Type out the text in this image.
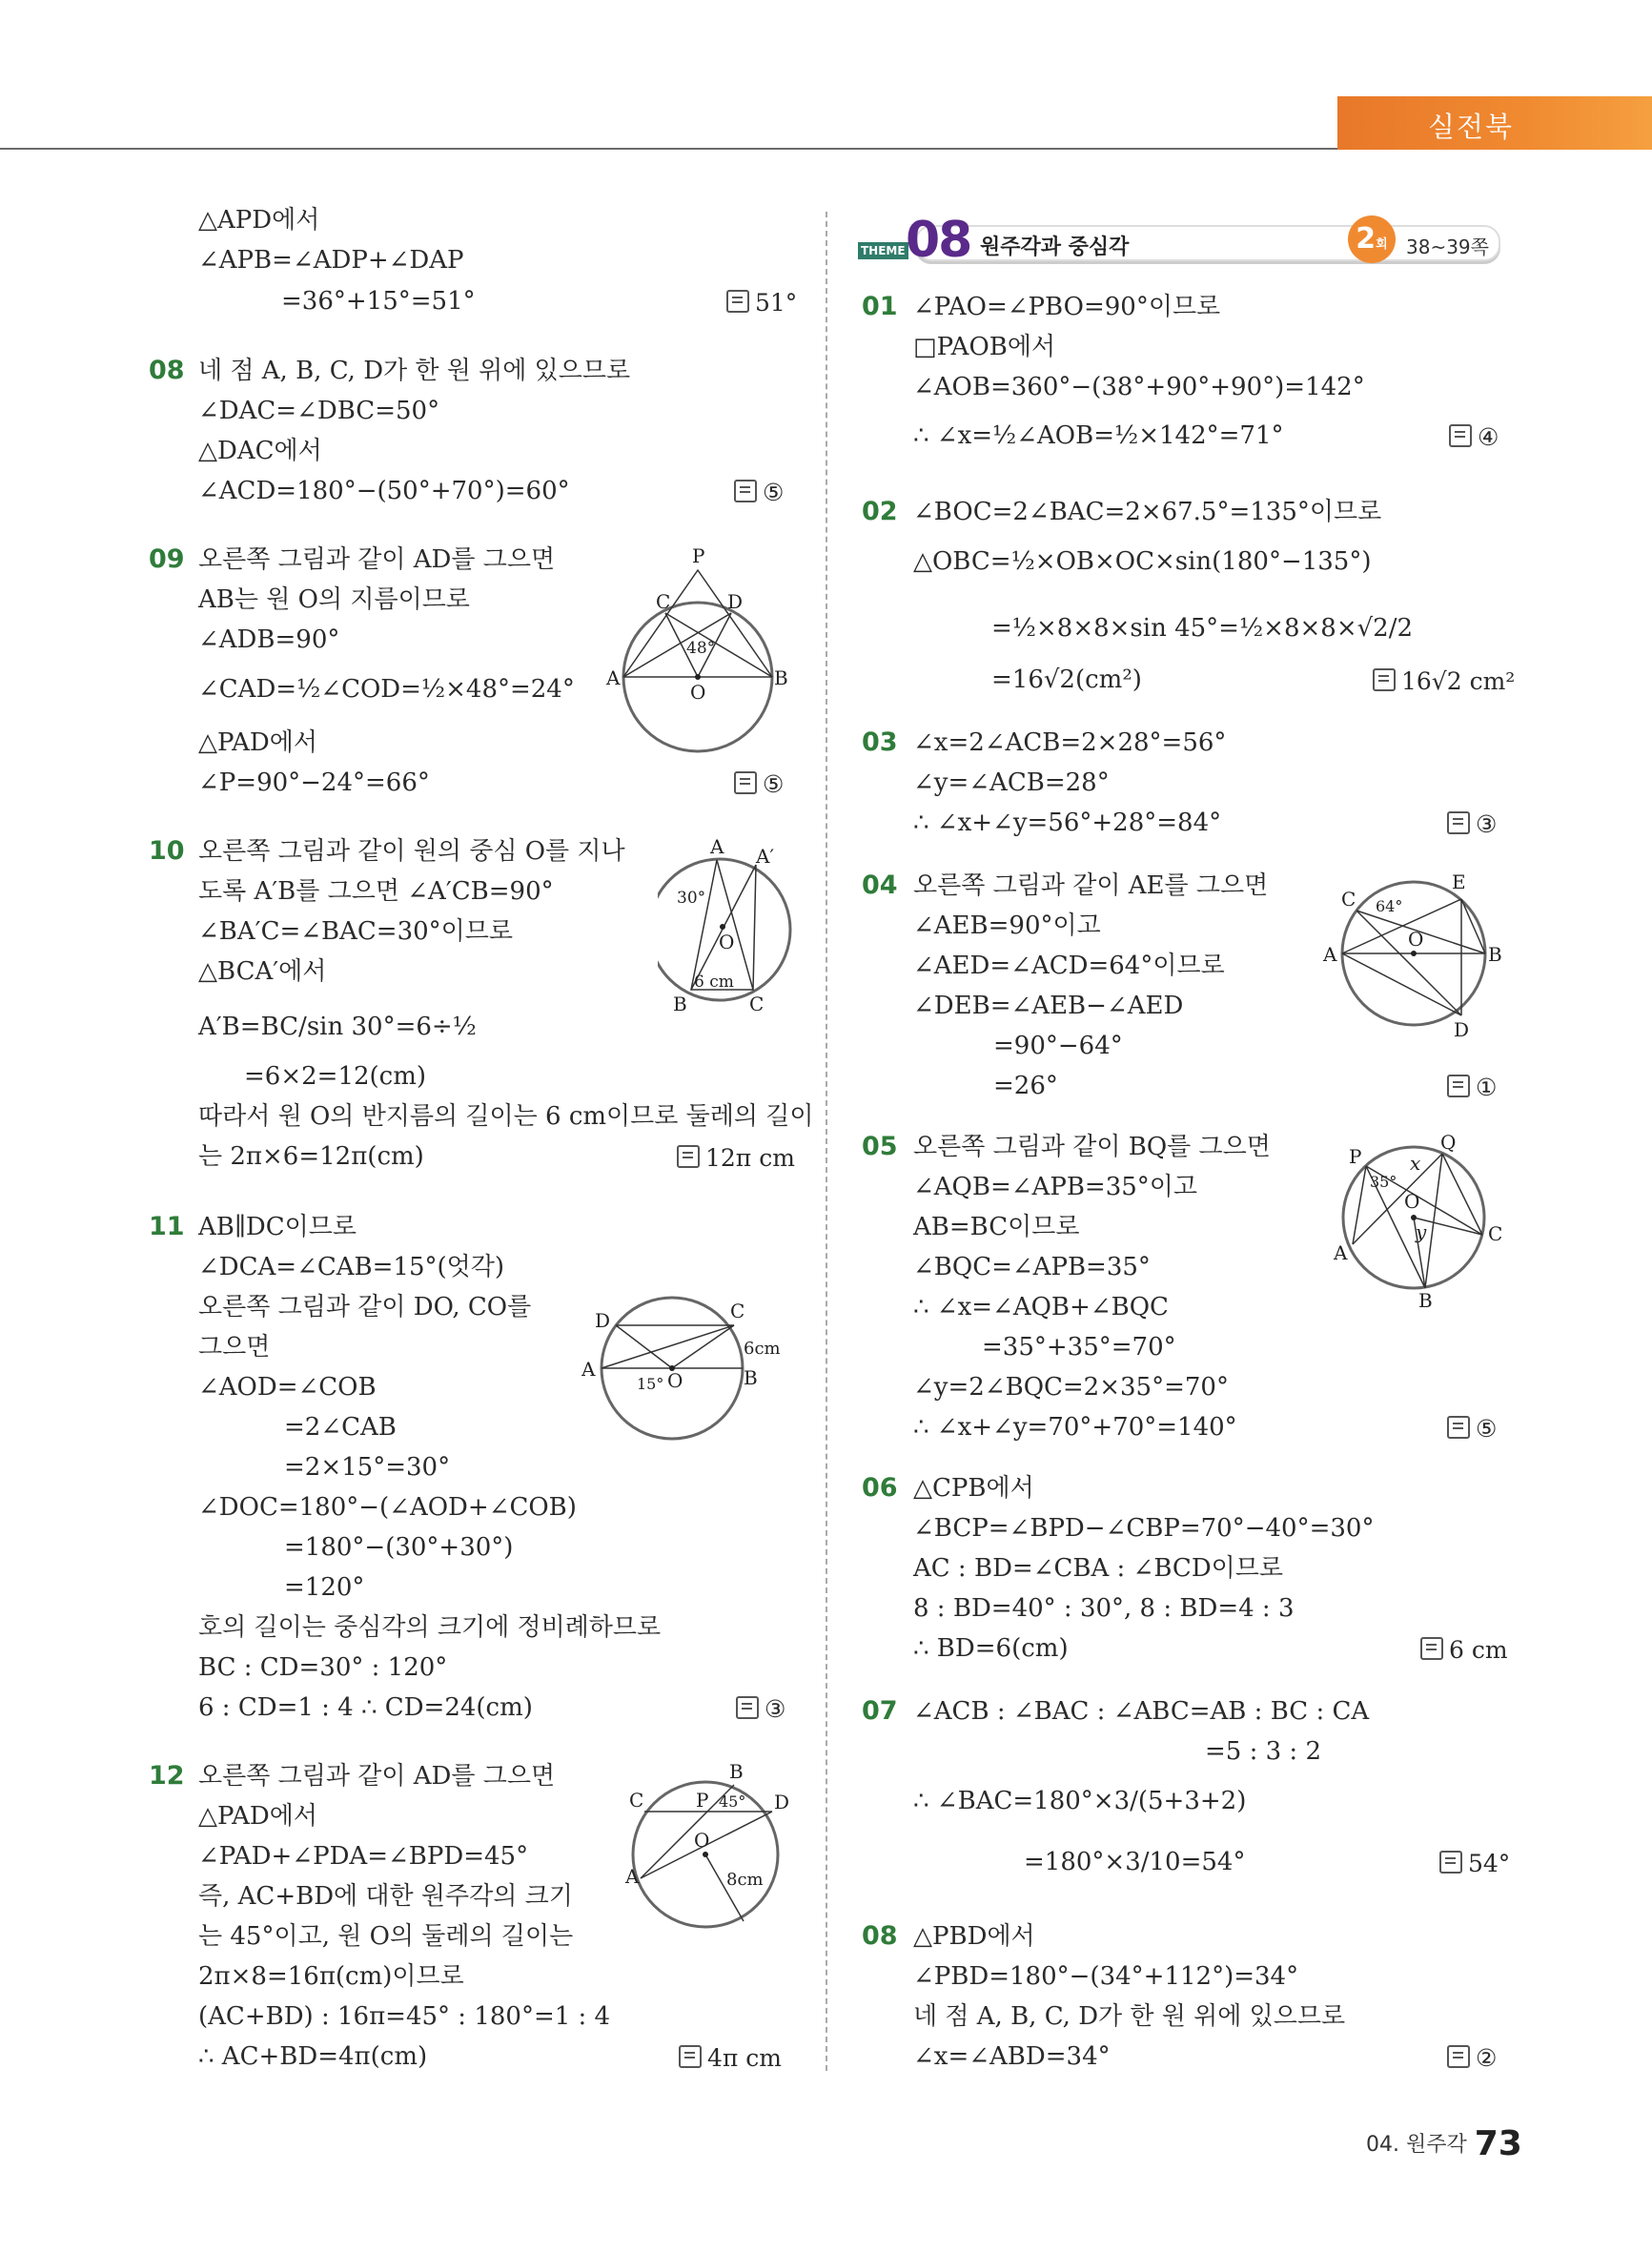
실전북
△APD에서
∠APB=∠ADP+∠DAP
=36°+15°=51°	51°
08 네 점 A, B, C, D가 한 원 위에 있으므로
∠DAC=∠DBC=50°
△DAC에서
∠ACD=180°−(50°+70°)=60°	⑤
09 오른쪽 그림과 같이 AD를 그으면
AB는 원 O의 지름이므로
∠ADB=90°
∠CAD=½∠COD=½×48°=24°
△PAD에서
∠P=90°−24°=66°	⑤
P
C	D
A	B
O
48°
10 오른쪽 그림과 같이 원의 중심 O를 지나
도록 A′B를 그으면 ∠A′CB=90°
∠BA′C=∠BAC=30°이므로
△BCA′에서
A′B=BC/sin 30°=6÷½
=6×2=12(cm)
따라서 원 O의 반지름의 길이는 6 cm이므로 둘레의 길이
는 2π×6=12π(cm)	12π cm
A A′
B	C
O
30°
6 cm
11 AB∥DC이므로
∠DCA=∠CAB=15°(엇각)
오른쪽 그림과 같이 DO, CO를
그으면
∠AOD=∠COB
=2∠CAB
=2×15°=30°
∠DOC=180°−(∠AOD+∠COB)
=180°−(30°+30°)
=120°
호의 길이는 중심각의 크기에 정비례하므로
BC : CD=30° : 120°
6 : CD=1 : 4 ∴ CD=24(cm)	③
D	C
A	B
O
15°
6cm
12 오른쪽 그림과 같이 AD를 그으면
△PAD에서
∠PAD+∠PDA=∠BPD=45°
즉, AC+BD에 대한 원주각의 크기
는 45°이고, 원 O의 둘레의 길이는
2π×8=16π(cm)이므로
(AC+BD) : 16π=45° : 180°=1 : 4
∴ AC+BD=4π(cm)	4π cm
B
C	P	D
O
A
45°
8cm
THEME 08 원주각과 중심각	2회 38~39쪽
01 ∠PAO=∠PBO=90°이므로
□PAOB에서
∠AOB=360°−(38°+90°+90°)=142°
∴ ∠x=½∠AOB=½×142°=71°	④
02 ∠BOC=2∠BAC=2×67.5°=135°이므로
△OBC=½×OB×OC×sin(180°−135°)
=½×8×8×sin 45°=½×8×8×√2/2
=16√2(cm²)	16√2 cm²
03 ∠x=2∠ACB=2×28°=56°
∠y=∠ACB=28°
∴ ∠x+∠y=56°+28°=84°	③
04 오른쪽 그림과 같이 AE를 그으면
∠AEB=90°이고
∠AED=∠ACD=64°이므로
∠DEB=∠AEB−∠AED
=90°−64°
=26°	①
C
E
A
O
B
D
64°
05 오른쪽 그림과 같이 BQ를 그으면
∠AQB=∠APB=35°이고
AB=BC이므로
∠BQC=∠APB=35°
∴ ∠x=∠AQB+∠BQC
=35°+35°=70°
∠y=2∠BQC=2×35°=70°
∴ ∠x+∠y=70°+70°=140°	⑤
P
Q
A
O
C
B
x
y
35°
06 △CPB에서
∠BCP=∠BPD−∠CBP=70°−40°=30°
AC : BD=∠CBA : ∠BCD이므로
8 : BD=40° : 30°, 8 : BD=4 : 3
∴ BD=6(cm)	6 cm
07 ∠ACB : ∠BAC : ∠ABC=AB : BC : CA
=5 : 3 : 2
∴ ∠BAC=180°×3/(5+3+2)
=180°×3/10=54°	54°
08 △PBD에서
∠PBD=180°−(34°+112°)=34°
네 점 A, B, C, D가 한 원 위에 있으므로
∠x=∠ABD=34°	②
04. 원주각 73
